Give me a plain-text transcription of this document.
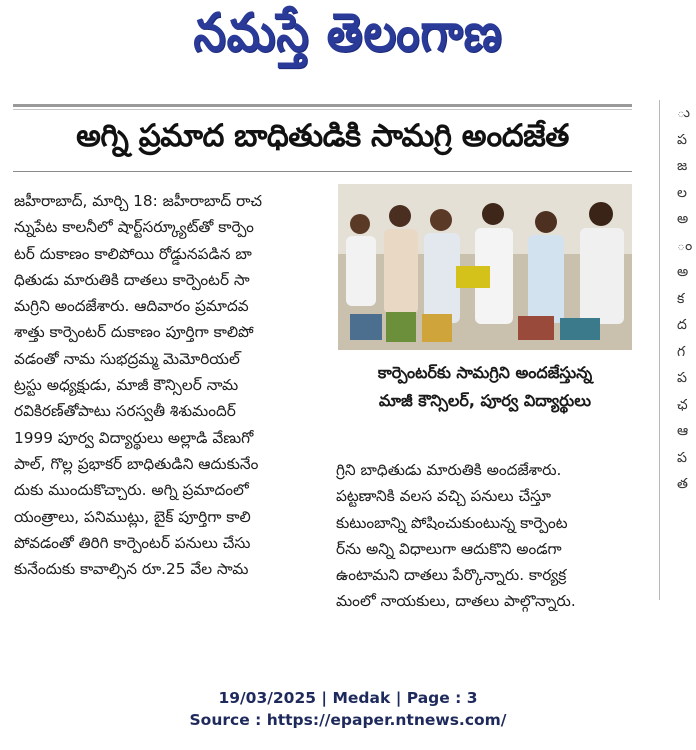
నమస్తే తెలంగాణ
అగ్ని ప్రమాద బాధితుడికి సామగ్రి అందజేత
జహీరాబాద్, మార్చి 18: జహీరాబాద్ రాచ
న్నుపేట కాలనీలో షార్ట్‌సర్క్యూట్‌తో కార్పెం
టర్ దుకాణం కాలిపోయి రోడ్డునపడిన బా
ధితుడు మారుతికి దాతలు కార్పెంటర్ సా
మగ్రిని అందజేశారు. ఆదివారం ప్రమాదవ
శాత్తు కార్పెంటర్ దుకాణం పూర్తిగా కాలిపో
వడంతో నామ సుభద్రమ్మ మెమోరియల్
ట్రస్టు అధ్యక్షుడు, మాజీ కౌన్సిలర్ నామ
రవికిరణ్‌తోపాటు సరస్వతీ శిశుమందిర్
1999 పూర్వ విద్యార్థులు అల్లాడి వేణుగో
పాల్, గొల్ల ప్రభాకర్ బాధితుడిని ఆదుకునేం
దుకు ముందుకొచ్చారు. అగ్ని ప్రమాదంలో
యంత్రాలు, పనిముట్లు, బైక్ పూర్తిగా కాలి
పోవడంతో తిరిగి కార్పెంటర్ పనులు చేసు
కునేందుకు కావాల్సిన రూ.25 వేల సామ
కార్పెంటర్‌కు సామగ్రిని అందజేస్తున్న
మాజీ కౌన్సిలర్, పూర్వ విద్యార్థులు
గ్రిని బాధితుడు మారుతికి అందజేశారు.
పట్టణానికి వలస వచ్చి పనులు చేస్తూ
కుటుంబాన్ని పోషించుకుంటున్న కార్పెంట
ర్‌ను అన్ని విధాలుగా ఆదుకొని అండగా
ఉంటామని దాతలు పేర్కొన్నారు. కార్యక్ర
మంలో నాయకులు, దాతలు పాల్గొన్నారు.
ు
ప
జ
ల
అ
ం
అ
క
ద
గ
ప
ఛ
ఆ
ప
త
19/03/2025 | Medak | Page : 3
Source : https://epaper.ntnews.com/
